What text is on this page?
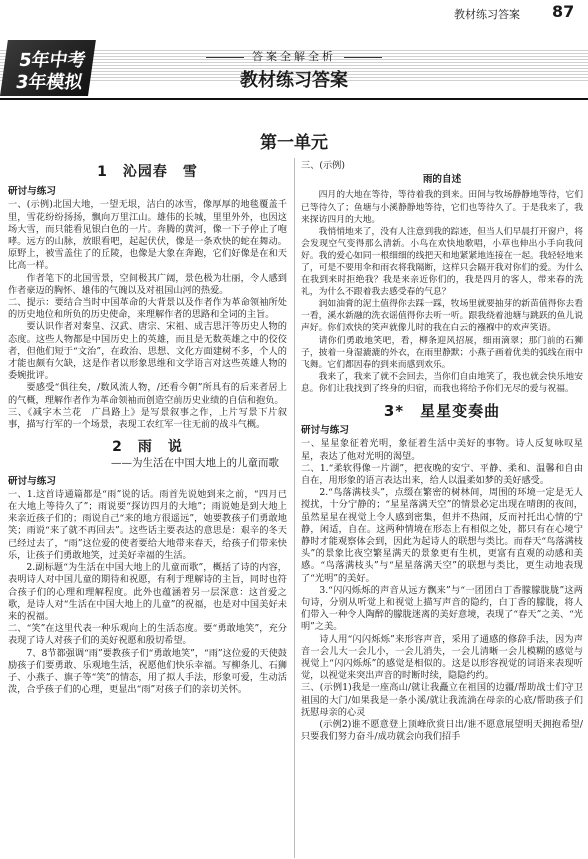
教材练习答案 87
5年中考
3年模拟
答案全解全析
教材练习答案
第一单元
1　沁园春　雪
研讨与练习

一、(示例)北国大地，一望无垠，洁白的冰雪，像厚厚的地毯覆盖千里，雪花纷纷扬扬，飘向万里江山。雄伟的长城，里里外外，也因这场大雪，而只能看见银白色的一片。奔腾的黄河，像一下子停止了咆哮。远方的山脉，放眼看吧，起起伏伏，像是一条欢快的蛇在舞动。原野上，被雪盖住了的丘陵，也像是大象在奔跑，它们好像是在和天比高一样。

作者笔下的北国雪景，空间极其广阔，景色极为壮丽，令人感到作者豪迈的胸怀、雄伟的气魄以及对祖国山河的热爱。

二、提示：要结合当时中国革命的大背景以及作者作为革命领袖所处的历史地位和所负的历史使命，来理解作者的思路和全词的主旨。

要认识作者对秦皇、汉武、唐宗、宋祖、成吉思汗等历史人物的态度。这些人物都是中国历史上的英雄，而且是无数英雄之中的佼佼者，但他们短于“文治”，在政治、思想、文化方面建树不多，个人的才能也颇有欠缺，这是作者以形象思维和文学语言对这些英雄人物的委婉批评。

要感受“俱往矣，/数风流人物，/还看今朝”所具有的后来者居上的气概，理解作者作为革命领袖而创造空前历史业绩的自信和抱负。

三、《减字木兰花　广昌路上》是写景叙事之作，上片写景下片叙事，描写行军的一个场景，表现工农红军一往无前的战斗气概。

2　雨　说
——为生活在中国大地上的儿童而歌
研讨与练习

一、1.这首诗通篇都是“雨”说的话。雨首先说她到来之前，“四月已在大地上等待久了”；雨说要“探访四月的大地”；雨说她是到大地上来亲近孩子们的；雨说自己“来的地方很遥远”，她要教孩子们勇敢地笑；雨说“来了就不再回去”。这些话主要表达的意思是：艰辛的冬天已经过去了，“雨”这位爱的使者要给大地带来春天，给孩子们带来快乐，让孩子们勇敢地笑，过美好幸福的生活。

2.副标题“为生活在中国大地上的儿童而歌”，概括了诗的内容，表明诗人对中国儿童的期待和祝愿，有利于理解诗的主旨，同时也符合孩子们的心理和理解程度。此外也蕴涵着另一层深意：这首爱之歌，是诗人对“生活在中国大地上的儿童”的祝福，也是对中国美好未来的祝福。

二、“笑”在这里代表一种乐观向上的生活态度。要“勇敢地笑”，充分表现了诗人对孩子们的美好祝愿和殷切希望。

7、8节都强调“雨”要教孩子们“勇敢地笑”，“雨”这位爱的天使鼓励孩子们要勇敢、乐观地生活，祝愿他们快乐幸福。写柳条儿、石狮子、小燕子、旗子等“笑”的情态，用了拟人手法，形象可爱，生动活泼，合乎孩子们的心理，更显出“雨”对孩子们的亲切关怀。

三、(示例)

雨的自述

四月的大地在等待，等待着我的到来。田间与牧场静静地等待，它们已等待久了；鱼塘与小溪静静地等待，它们也等待久了。于是我来了，我来探访四月的大地。

我悄悄地来了，没有人注意到我的踪迹，但当人们早晨打开窗户，将会发现空气变得那么清新。小鸟在欢快地歌唱，小草也伸出小手向我问好。我的爱心如同一根细细的线把天和地紧紧地连接在一起。我轻轻地来了，可是不要用伞和雨衣将我隔断，这样只会隔开我对你们的爱。为什么在我到来时拒绝我？我是来亲近你们的，我是四月的客人，带来春的洗礼，为什么不跟着我去感受春的气息？

润如油膏的泥土值得你去踩一踩，牧场里就要抽芽的新苗值得你去看一看，溪水新融的洗衣谣值得你去听一听。跟我绕着池塘与跳跃的鱼儿说声好。你们欢快的笑声就像儿时的我在白云的襁褓中的欢声笑语。

请你们勇敢地笑吧，看，柳条迎风招展，细雨滴翠；那门前的石狮子，披着一身湿漉漉的外衣，在雨里静默；小燕子画着优美的弧线在雨中飞舞。它们都因春的到来而感到欢乐。

我来了，我来了就不会回去，当你们自由地笑了，我也就会快乐地安息。你们让我找到了终身的归宿，而我也将给予你们无尽的爱与祝福。

3*　星星变奏曲
研讨与练习

一、星星象征着光明，象征着生活中美好的事物。诗人反复咏叹星星，表达了他对光明的渴望。

二、1.“柔软得像一片湖”，把夜晚的安宁、平静、柔和、温馨和自由自在，用形象的语言表达出来，给人以温柔如梦的美好感受。

2.“鸟落满枝头”，点缀在繁密的树林间，周围的环境一定是无人搅扰，十分宁静的；“星星落满天空”的情景必定出现在晴朗的夜间，虽然星星在视觉上令人感到密集，但并不热闹，反而衬托出心情的宁静，闲适，自在。这两种情境在形态上有相似之处，都只有在心境宁静时才能观察体会到，因此为起诗人的联想与类比。而春天“鸟落满枝头”的景象比夜空繁星满天的景象更有生机，更富有直观的动感和美感。“鸟落满枝头”与“星星落满天空”的联想与类比，更生动地表现了“光明”的美好。

3.“闪闪烁烁的声音从远方飘来”与“一团团白丁香朦朦胧胧”这两句诗，分别从听觉上和视觉上描写声音的隐约，白丁香的朦胧，将人们带入一种令人陶醉的朦胧迷离的美好意境，表现了“春天”之美、“光明”之美。

诗人用“闪闪烁烁”来形容声音，采用了通感的修辞手法，因为声音一会儿大一会儿小，一会儿消失，一会儿清晰一会儿模糊的感觉与视觉上“闪闪烁烁”的感觉是相似的。这是以形容视觉的词语来表现听觉，以视觉来突出声音的时断时续，隐隐约约。

三、(示例1)我是一座高山/就让我矗立在祖国的边疆/帮助战士们守卫祖国的大门/如果我是一条小溪/就让我流淌在母亲的心底/帮助孩子们抚慰母亲的心灵

(示例2)谁不愿意登上顶峰欣赏日出/谁不愿意展望明天拥抱希望/只要我们努力奋斗/成功就会向我们招手
